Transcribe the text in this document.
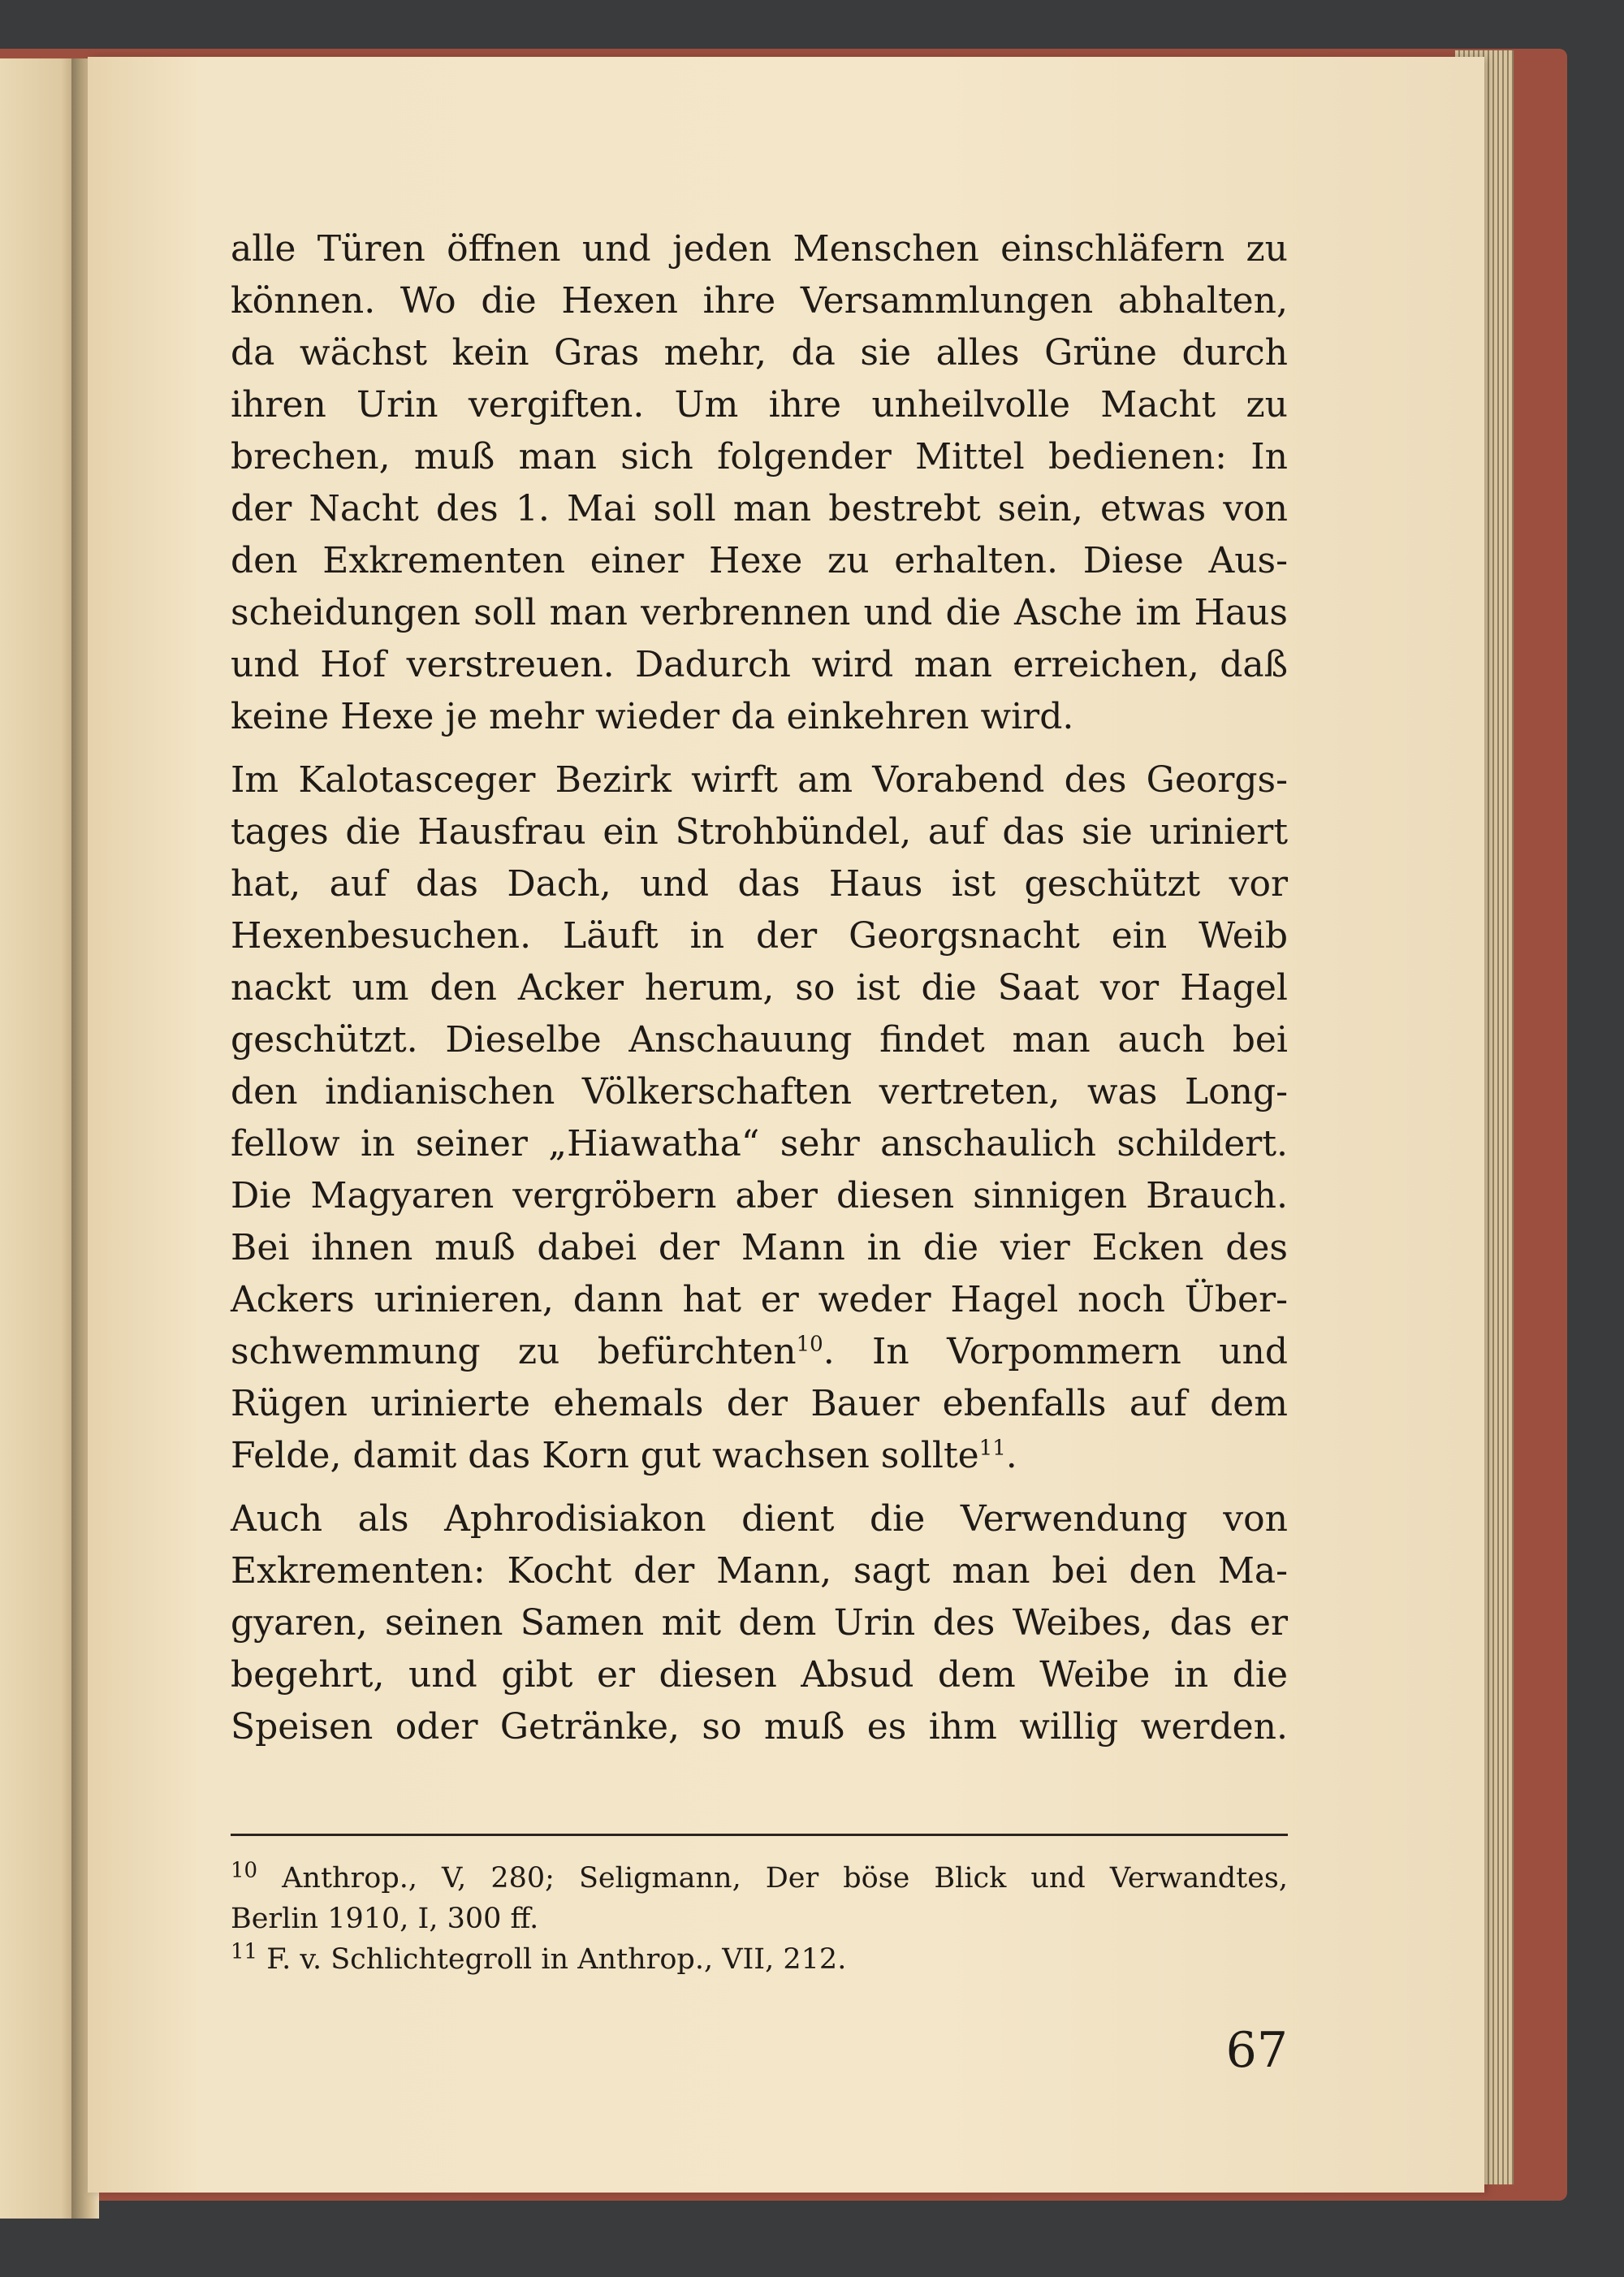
alle Türen öffnen und jeden Menschen einschläfern zu
können. Wo die Hexen ihre Versammlungen abhalten,
da wächst kein Gras mehr, da sie alles Grüne durch
ihren Urin vergiften. Um ihre unheilvolle Macht zu
brechen, muß man sich folgender Mittel bedienen: In
der Nacht des 1. Mai soll man bestrebt sein, etwas von
den Exkrementen einer Hexe zu erhalten. Diese Aus-
scheidungen soll man verbrennen und die Asche im Haus
und Hof verstreuen. Dadurch wird man erreichen, daß
keine Hexe je mehr wieder da einkehren wird.
Im Kalotasceger Bezirk wirft am Vorabend des Georgs-
tages die Hausfrau ein Strohbündel, auf das sie uriniert
hat, auf das Dach, und das Haus ist geschützt vor
Hexenbesuchen. Läuft in der Georgsnacht ein Weib
nackt um den Acker herum, so ist die Saat vor Hagel
geschützt. Dieselbe Anschauung findet man auch bei
den indianischen Völkerschaften vertreten, was Long-
fellow in seiner „Hiawatha“ sehr anschaulich schildert.
Die Magyaren vergröbern aber diesen sinnigen Brauch.
Bei ihnen muß dabei der Mann in die vier Ecken des
Ackers urinieren, dann hat er weder Hagel noch Über-
schwemmung zu befürchten$^{10}$. In Vorpommern und
Rügen urinierte ehemals der Bauer ebenfalls auf dem
Felde, damit das Korn gut wachsen sollte$^{11}$.
Auch als Aphrodisiakon dient die Verwendung von
Exkrementen: Kocht der Mann, sagt man bei den Ma-
gyaren, seinen Samen mit dem Urin des Weibes, das er
begehrt, und gibt er diesen Absud dem Weibe in die
Speisen oder Getränke, so muß es ihm willig werden.
$^{10}$ Anthrop., V, 280; Seligmann, Der böse Blick und Verwandtes,
Berlin 1910, I, 300 ff.
$^{11}$ F. v. Schlichtegroll in Anthrop., VII, 212.
67
